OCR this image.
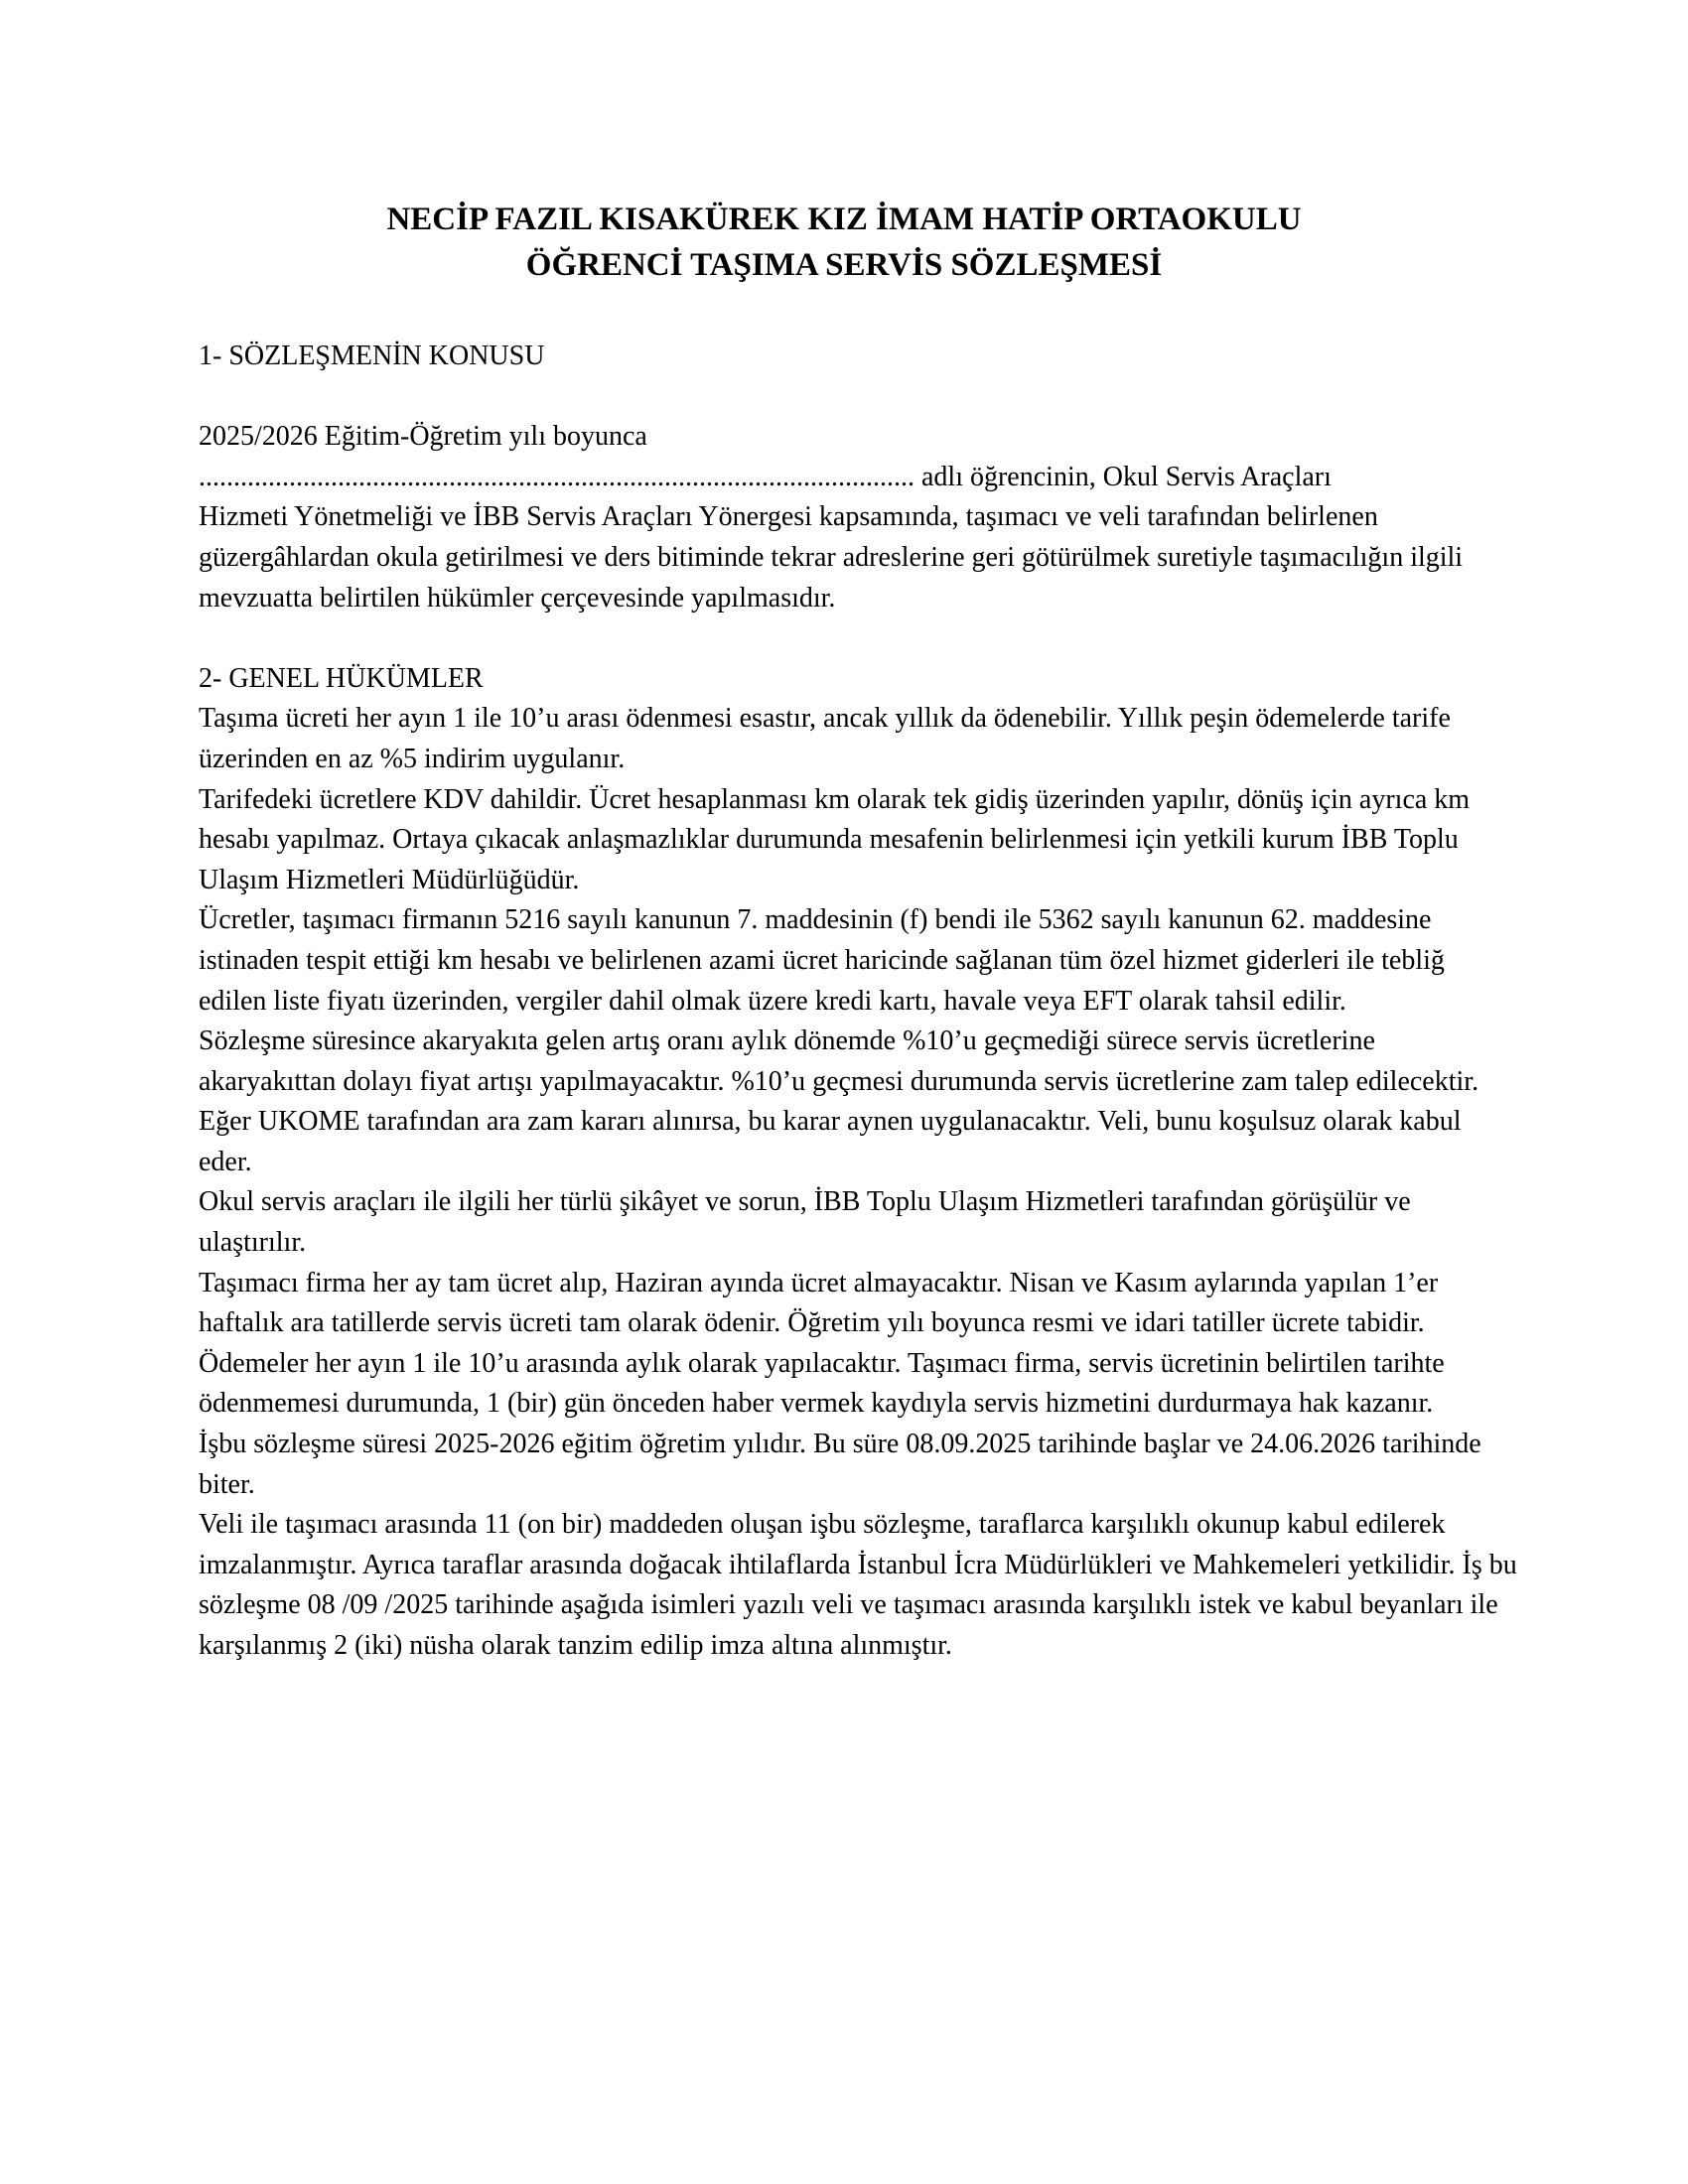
NECİP FAZIL KISAKÜREK KIZ İMAM HATİP ORTAOKULU
ÖĞRENCİ TAŞIMA SERVİS SÖZLEŞMESİ

1- SÖZLEŞMENİN KONUSU

2025/2026 Eğitim-Öğretim yılı boyunca

....................................................................................................... adlı öğrencinin, Okul Servis Araçları

Hizmeti Yönetmeliği ve İBB Servis Araçları Yönergesi kapsamında, taşımacı ve veli tarafından belirlenen güzergâhlardan okula getirilmesi ve ders bitiminde tekrar adreslerine geri götürülmek suretiyle taşımacılığın ilgili mevzuatta belirtilen hükümler çerçevesinde yapılmasıdır.

2- GENEL HÜKÜMLER

Taşıma ücreti her ayın 1 ile 10’u arası ödenmesi esastır, ancak yıllık da ödenebilir. Yıllık peşin ödemelerde tarife üzerinden en az %5 indirim uygulanır.

Tarifedeki ücretlere KDV dahildir. Ücret hesaplanması km olarak tek gidiş üzerinden yapılır, dönüş için ayrıca km hesabı yapılmaz. Ortaya çıkacak anlaşmazlıklar durumunda mesafenin belirlenmesi için yetkili kurum İBB Toplu Ulaşım Hizmetleri Müdürlüğüdür.

Ücretler, taşımacı firmanın 5216 sayılı kanunun 7. maddesinin (f) bendi ile 5362 sayılı kanunun 62. maddesine istinaden tespit ettiği km hesabı ve belirlenen azami ücret haricinde sağlanan tüm özel hizmet giderleri ile tebliğ edilen liste fiyatı üzerinden, vergiler dahil olmak üzere kredi kartı, havale veya EFT olarak tahsil edilir.

Sözleşme süresince akaryakıta gelen artış oranı aylık dönemde %10’u geçmediği sürece servis ücretlerine akaryakıttan dolayı fiyat artışı yapılmayacaktır. %10’u geçmesi durumunda servis ücretlerine zam talep edilecektir.

Eğer UKOME tarafından ara zam kararı alınırsa, bu karar aynen uygulanacaktır. Veli, bunu koşulsuz olarak kabul eder.

Okul servis araçları ile ilgili her türlü şikâyet ve sorun, İBB Toplu Ulaşım Hizmetleri tarafından görüşülür ve ulaştırılır.

Taşımacı firma her ay tam ücret alıp, Haziran ayında ücret almayacaktır. Nisan ve Kasım aylarında yapılan 1’er haftalık ara tatillerde servis ücreti tam olarak ödenir. Öğretim yılı boyunca resmi ve idari tatiller ücrete tabidir.

Ödemeler her ayın 1 ile 10’u arasında aylık olarak yapılacaktır. Taşımacı firma, servis ücretinin belirtilen tarihte ödenmemesi durumunda, 1 (bir) gün önceden haber vermek kaydıyla servis hizmetini durdurmaya hak kazanır.

İşbu sözleşme süresi 2025-2026 eğitim öğretim yılıdır. Bu süre 08.09.2025 tarihinde başlar ve 24.06.2026 tarihinde biter.

Veli ile taşımacı arasında 11 (on bir) maddeden oluşan işbu sözleşme, taraflarca karşılıklı okunup kabul edilerek imzalanmıştır. Ayrıca taraflar arasında doğacak ihtilaflarda İstanbul İcra Müdürlükleri ve Mahkemeleri yetkilidir. İş bu sözleşme 08 /09 /2025 tarihinde aşağıda isimleri yazılı veli ve taşımacı arasında karşılıklı istek ve kabul beyanları ile karşılanmış 2 (iki) nüsha olarak tanzim edilip imza altına alınmıştır.
